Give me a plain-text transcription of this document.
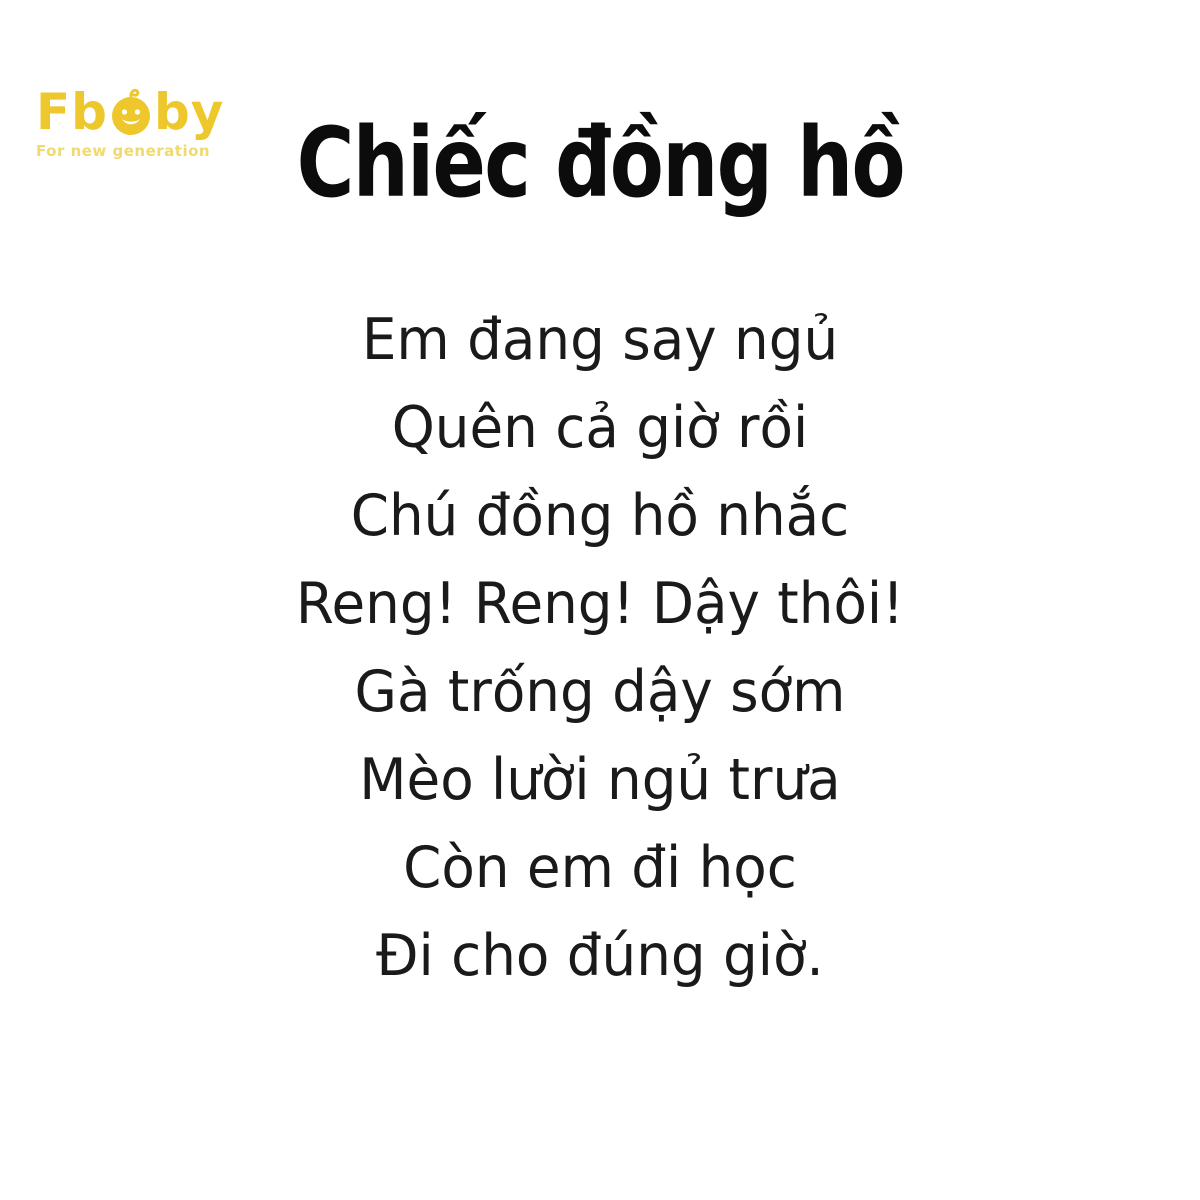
Fb by
For new generation Chiếc đồng hồ
Em đang say ngủ
Quên cả giờ rồi
Chú đồng hồ nhắc
Reng! Reng! Dậy thôi!
Gà trống dậy sớm
Mèo lười ngủ trưa
Còn em đi học
Đi cho đúng giờ.
